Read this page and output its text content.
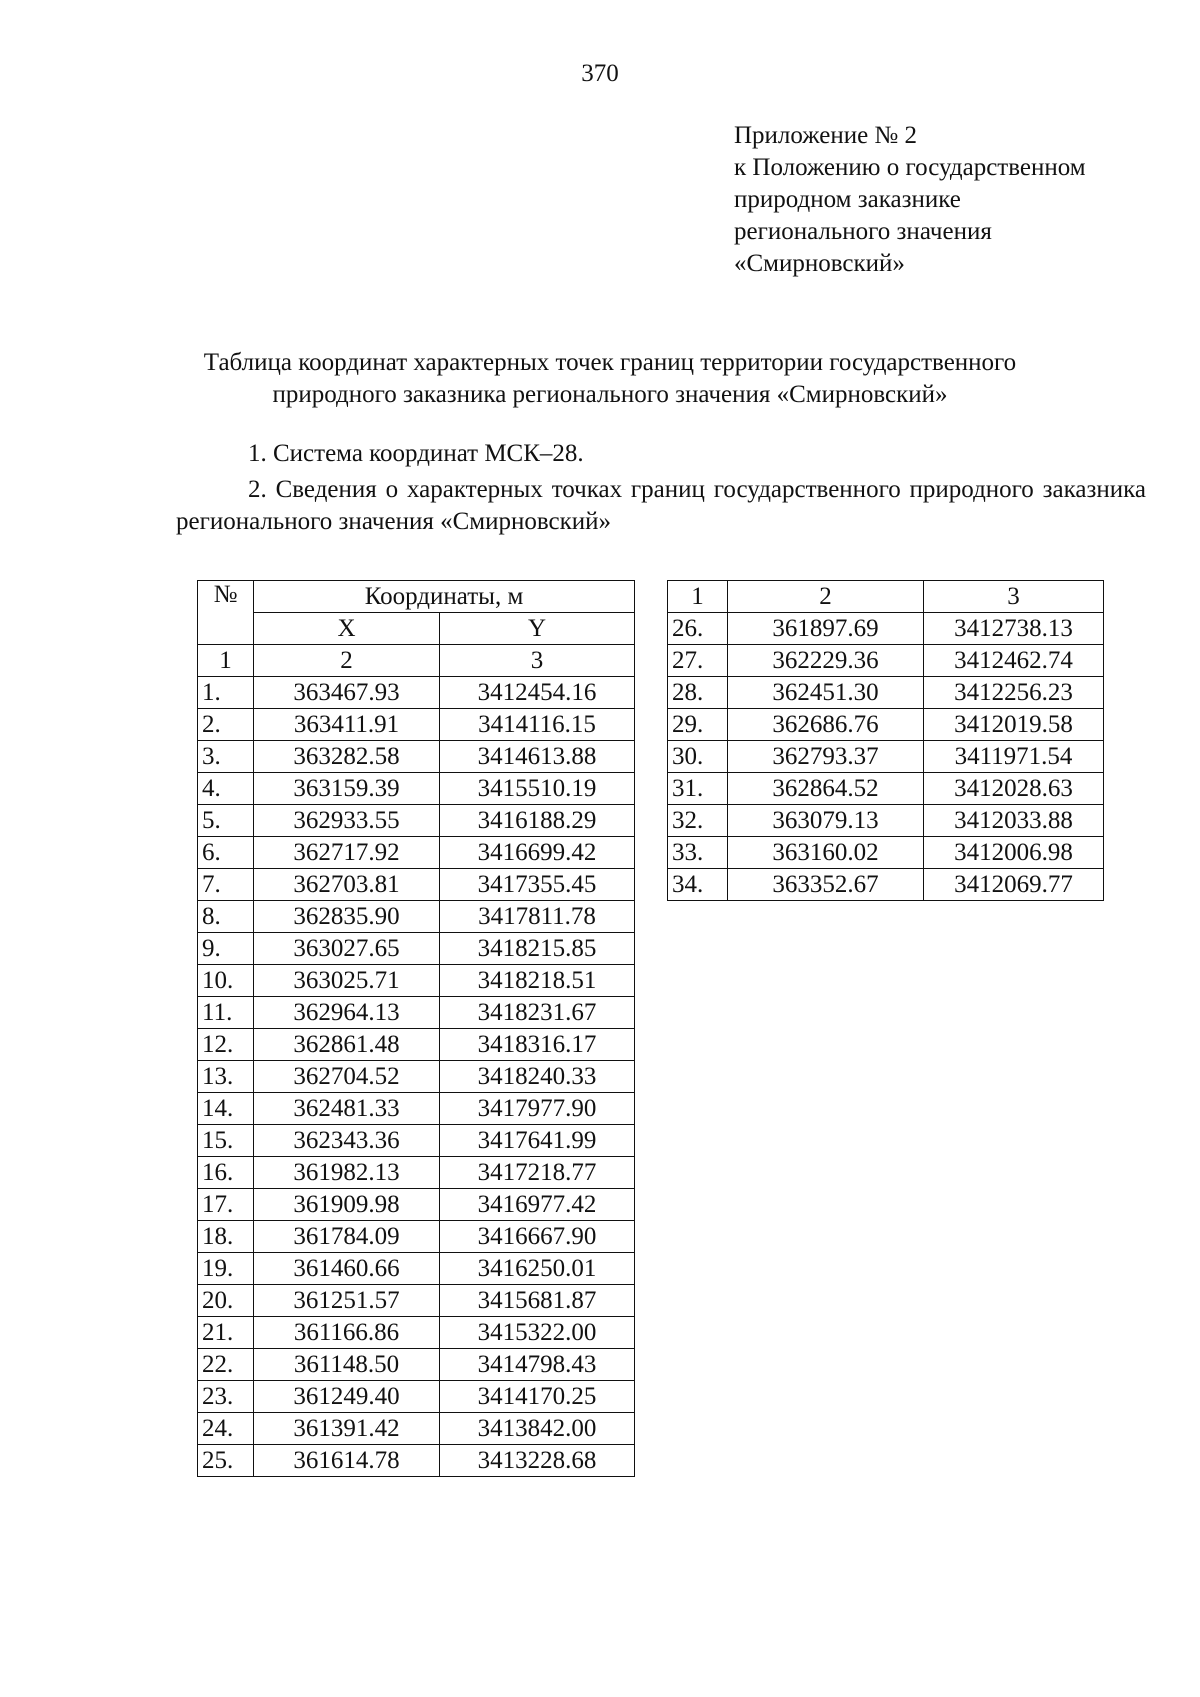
370
Приложение № 2
к Положению о государственном
природном заказнике
регионального значения
«Смирновский»
Таблица координат характерных точек границ территории государственного
природного заказника регионального значения «Смирновский»
1. Система координат МСК–28.
2. Сведения о характерных точках границ государственного природного заказника регионального значения «Смирновский»
№	Координаты, м	
	X	Y
1	2	3
1.	363467.93	3412454.16
2.	363411.91	3414116.15
3.	363282.58	3414613.88
4.	363159.39	3415510.19
5.	362933.55	3416188.29
6.	362717.92	3416699.42
7.	362703.81	3417355.45
8.	362835.90	3417811.78
9.	363027.65	3418215.85
10.	363025.71	3418218.51
11.	362964.13	3418231.67
12.	362861.48	3418316.17
13.	362704.52	3418240.33
14.	362481.33	3417977.90
15.	362343.36	3417641.99
16.	361982.13	3417218.77
17.	361909.98	3416977.42
18.	361784.09	3416667.90
19.	361460.66	3416250.01
20.	361251.57	3415681.87
21.	361166.86	3415322.00
22.	361148.50	3414798.43
23.	361249.40	3414170.25
24.	361391.42	3413842.00
25.	361614.78	3413228.68
1	2	3
26.	361897.69	3412738.13
27.	362229.36	3412462.74
28.	362451.30	3412256.23
29.	362686.76	3412019.58
30.	362793.37	3411971.54
31.	362864.52	3412028.63
32.	363079.13	3412033.88
33.	363160.02	3412006.98
34.	363352.67	3412069.77
